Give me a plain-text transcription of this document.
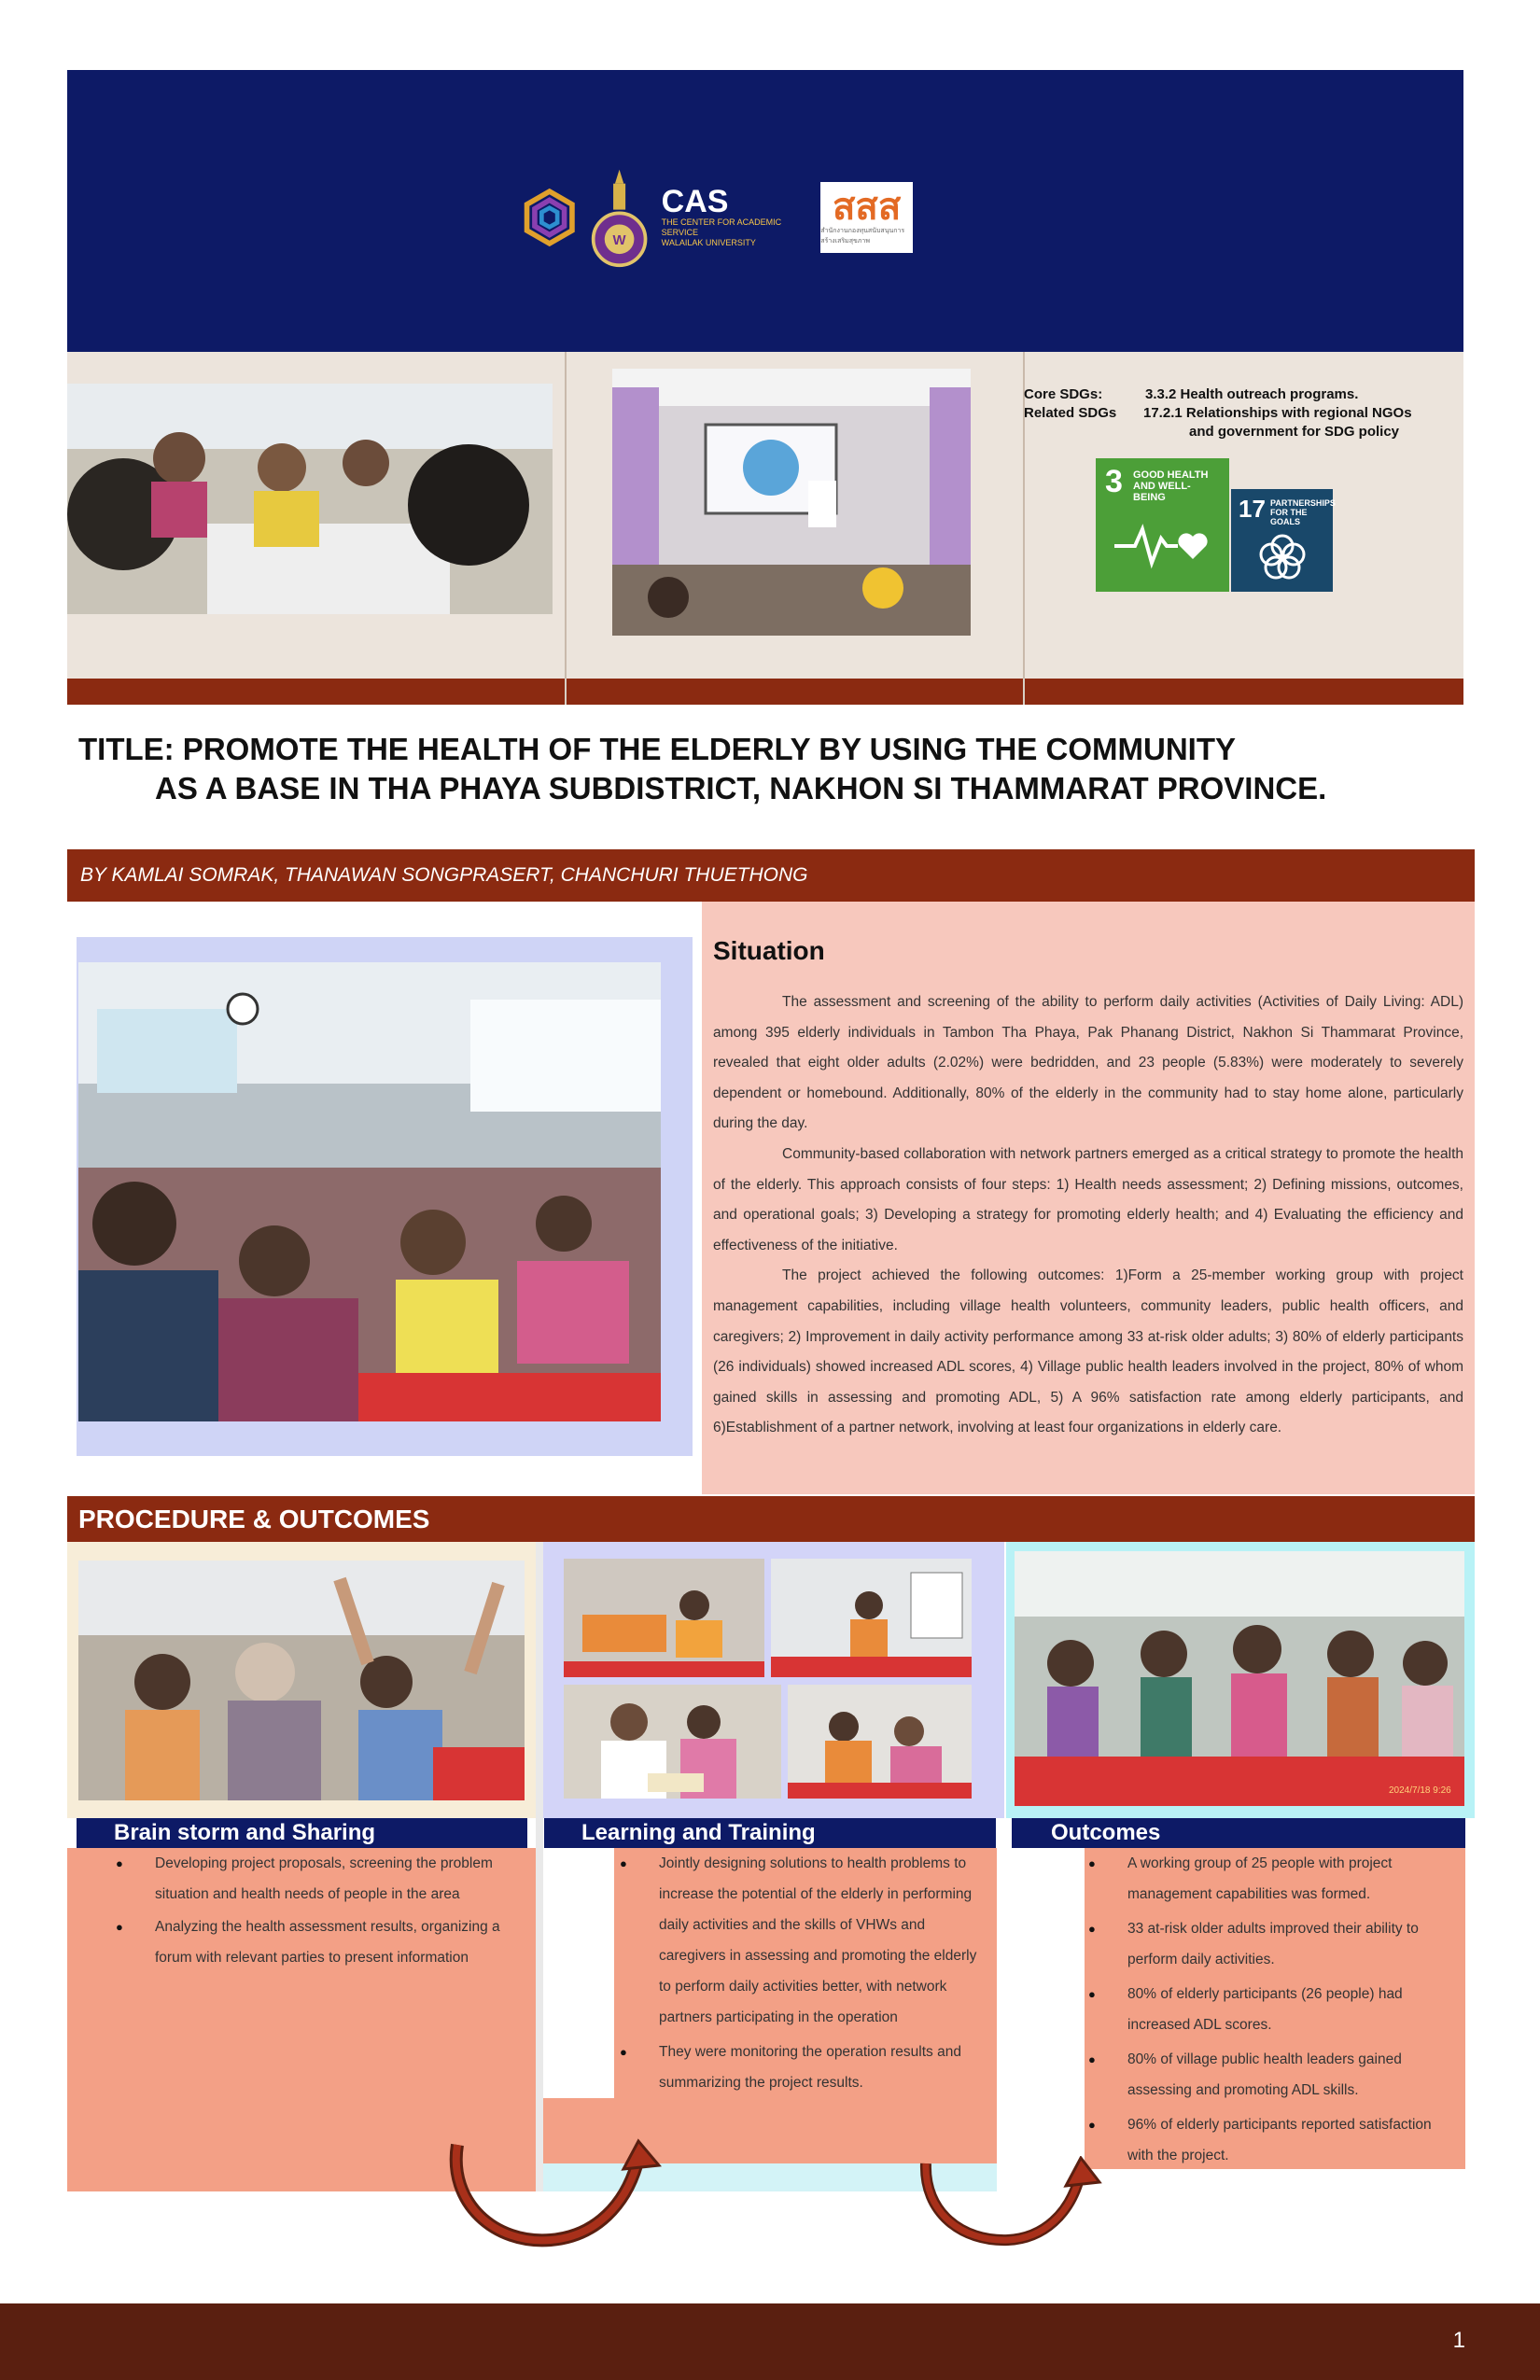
W
CAS
THE CENTER FOR ACADEMIC SERVICE
WALAILAK UNIVERSITY
สสส
สำนักงานกองทุนสนับสนุนการสร้างเสริมสุขภาพ
Core SDGs:	3.3.2 Health outreach programs.
Related SDGs	17.2.1 Relationships with regional NGOs
and government for SDG policy
3 GOOD HEALTH AND WELL-BEING	17 PARTNERSHIPS FOR THE GOALS
TITLE: PROMOTE THE HEALTH OF THE ELDERLY BY USING THE COMMUNITY
AS A BASE IN THA PHAYA SUBDISTRICT, NAKHON SI THAMMARAT PROVINCE.
BY KAMLAI SOMRAK, THANAWAN SONGPRASERT, CHANCHURI THUETHONG
Situation

The assessment and screening of the ability to perform daily activities (Activities of Daily Living: ADL) among 395 elderly individuals in Tambon Tha Phaya, Pak Phanang District, Nakhon Si Thammarat Province, revealed that eight older adults (2.02%) were bedridden, and 23 people (5.83%) were moderately to severely dependent or homebound. Additionally, 80% of the elderly in the community had to stay home alone, particularly during the day.

Community-based collaboration with network partners emerged as a critical strategy to promote the health of the elderly. This approach consists of four steps: 1) Health needs assessment; 2) Defining missions, outcomes, and operational goals; 3) Developing a strategy for promoting elderly health; and 4) Evaluating the efficiency and effectiveness of the initiative.

The project achieved the following outcomes: 1)Form a 25-member working group with project management capabilities, including village health volunteers, community leaders, public health officers, and caregivers; 2) Improvement in daily activity performance among 33 at-risk older adults; 3) 80% of elderly participants (26 individuals) showed increased ADL scores, 4) Village public health leaders involved in the project, 80% of whom gained skills in assessing and promoting ADL, 5) A 96% satisfaction rate among elderly participants, and 6)Establishment of a partner network, involving at least four organizations in elderly care.

PROCEDURE & OUTCOMES
2024/7/18 9:26
Brain storm and Sharing	Learning and Training	Outcomes
● Developing project proposals, screening the problem situation and health needs of people in the area
● Analyzing the health assessment results, organizing a forum with relevant parties to present information
● Jointly designing solutions to health problems to increase the potential of the elderly in performing daily activities and the skills of VHWs and caregivers in assessing and promoting the elderly to perform daily activities better, with network partners participating in the operation
● They were monitoring the operation results and summarizing the project results.
● A working group of 25 people with project management capabilities was formed.
● 33 at-risk older adults improved their ability to perform daily activities.
● 80% of elderly participants (26 people) had increased ADL scores.
● 80% of village public health leaders gained assessing and promoting ADL skills.
● 96% of elderly participants reported satisfaction with the project.
1
